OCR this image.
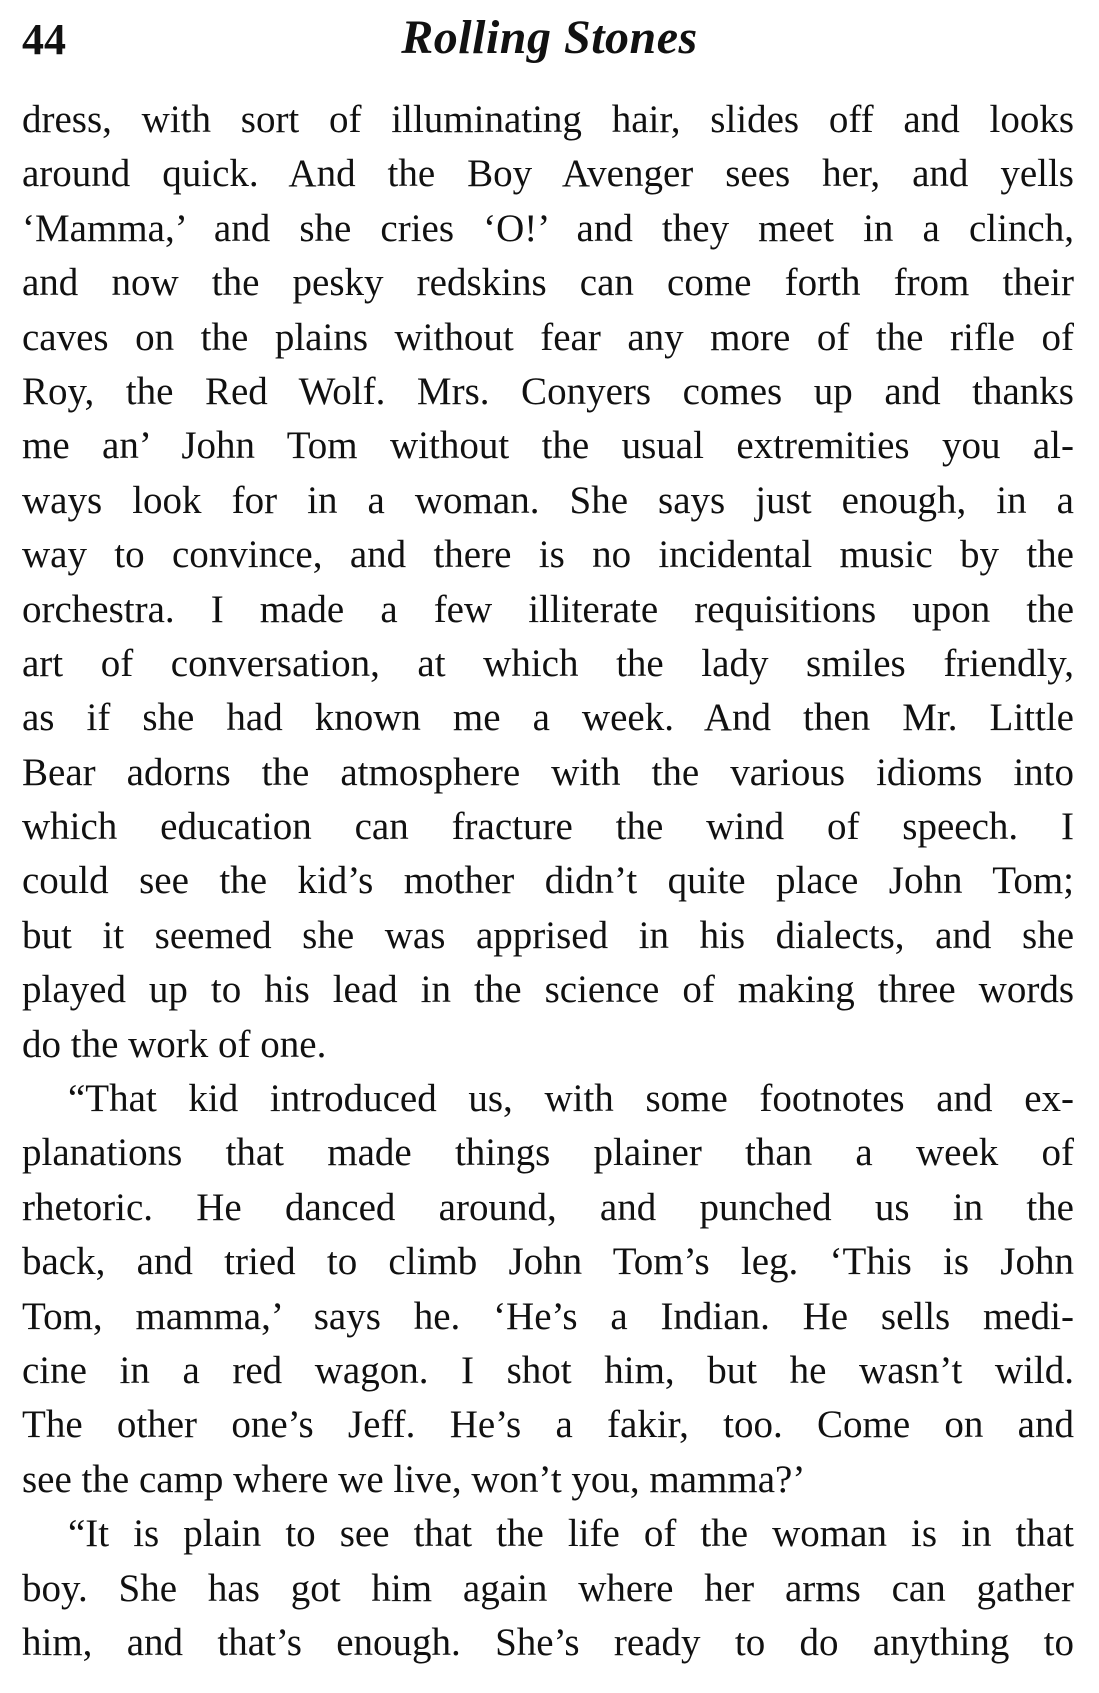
44	Rolling Stones
dress, with sort of illuminating hair, slides off and looks
around quick. And the Boy Avenger sees her, and yells
‘Mamma,’ and she cries ‘O!’ and they meet in a clinch,
and now the pesky redskins can come forth from their
caves on the plains without fear any more of the rifle of
Roy, the Red Wolf. Mrs. Conyers comes up and thanks
me an’ John Tom without the usual extremities you al-
ways look for in a woman. She says just enough, in a
way to convince, and there is no incidental music by the
orchestra. I made a few illiterate requisitions upon the
art of conversation, at which the lady smiles friendly,
as if she had known me a week. And then Mr. Little
Bear adorns the atmosphere with the various idioms into
which education can fracture the wind of speech. I
could see the kid’s mother didn’t quite place John Tom;
but it seemed she was apprised in his dialects, and she
played up to his lead in the science of making three words
do the work of one.
“That kid introduced us, with some footnotes and ex-
planations that made things plainer than a week of
rhetoric. He danced around, and punched us in the
back, and tried to climb John Tom’s leg. ‘This is John
Tom, mamma,’ says he. ‘He’s a Indian. He sells medi-
cine in a red wagon. I shot him, but he wasn’t wild.
The other one’s Jeff. He’s a fakir, too. Come on and
see the camp where we live, won’t you, mamma?’
“It is plain to see that the life of the woman is in that
boy. She has got him again where her arms can gather
him, and that’s enough. She’s ready to do anything to
